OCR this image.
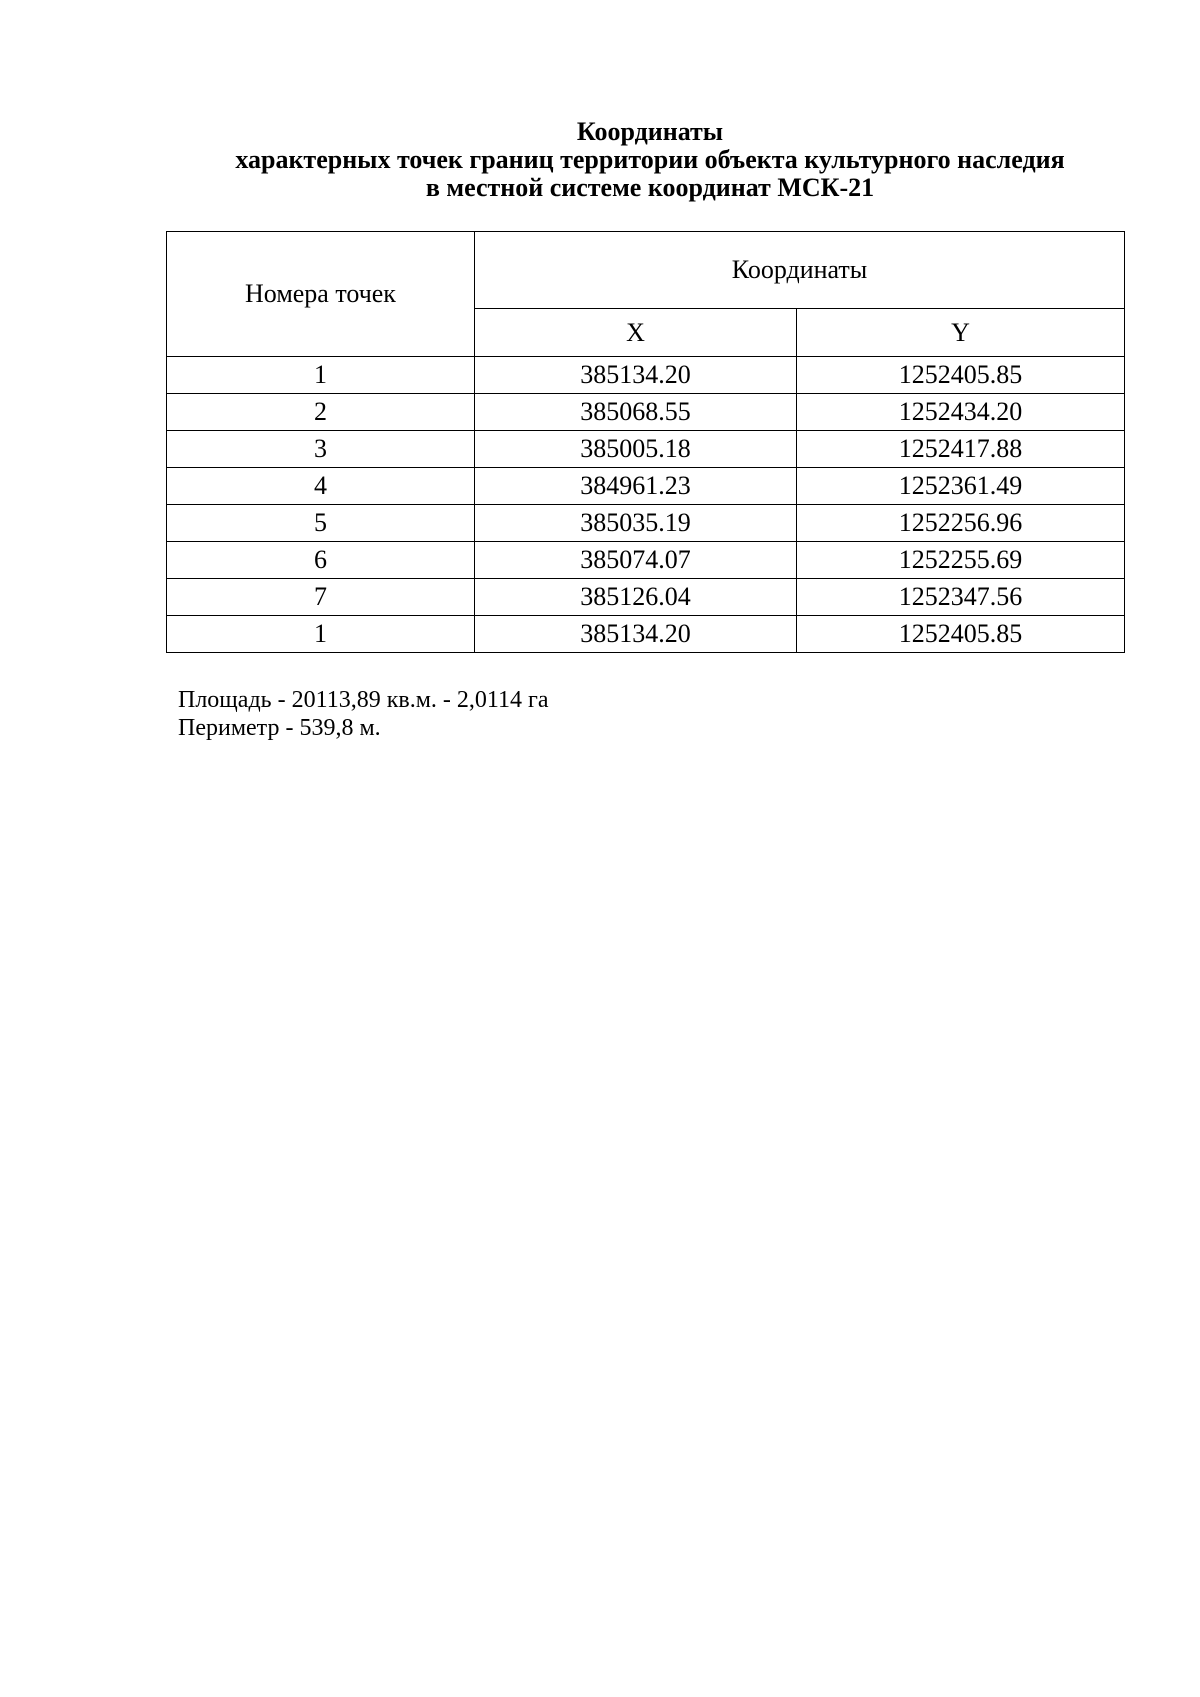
Координаты
характерных точек границ территории объекта культурного наследия
в местной системе координат МСК-21
Номера точек	Координаты	
	X	Y
1	385134.20	1252405.85
2	385068.55	1252434.20
3	385005.18	1252417.88
4	384961.23	1252361.49
5	385035.19	1252256.96
6	385074.07	1252255.69
7	385126.04	1252347.56
1	385134.20	1252405.85
Площадь - 20113,89 кв.м. - 2,0114 га
Периметр - 539,8 м.
